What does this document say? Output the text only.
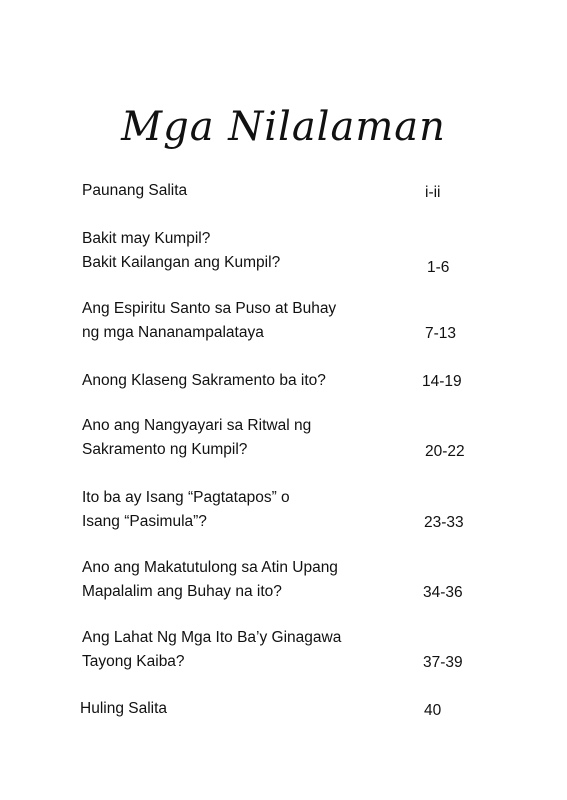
Mga Nilalaman
Paunang Salita	i-ii
Bakit may Kumpil?
Bakit Kailangan ang Kumpil?	1-6
Ang Espiritu Santo sa Puso at Buhay
ng mga Nananampalataya	7-13
Anong Klaseng Sakramento ba ito?	14-19
Ano ang Nangyayari sa Ritwal ng
Sakramento ng Kumpil?	20-22
Ito ba ay Isang “Pagtatapos” o
Isang “Pasimula”?	23-33
Ano ang Makatutulong sa Atin Upang
Mapalalim ang Buhay na ito?	34-36
Ang Lahat Ng Mga Ito Ba’y Ginagawa
Tayong Kaiba?	37-39
Huling Salita	40
